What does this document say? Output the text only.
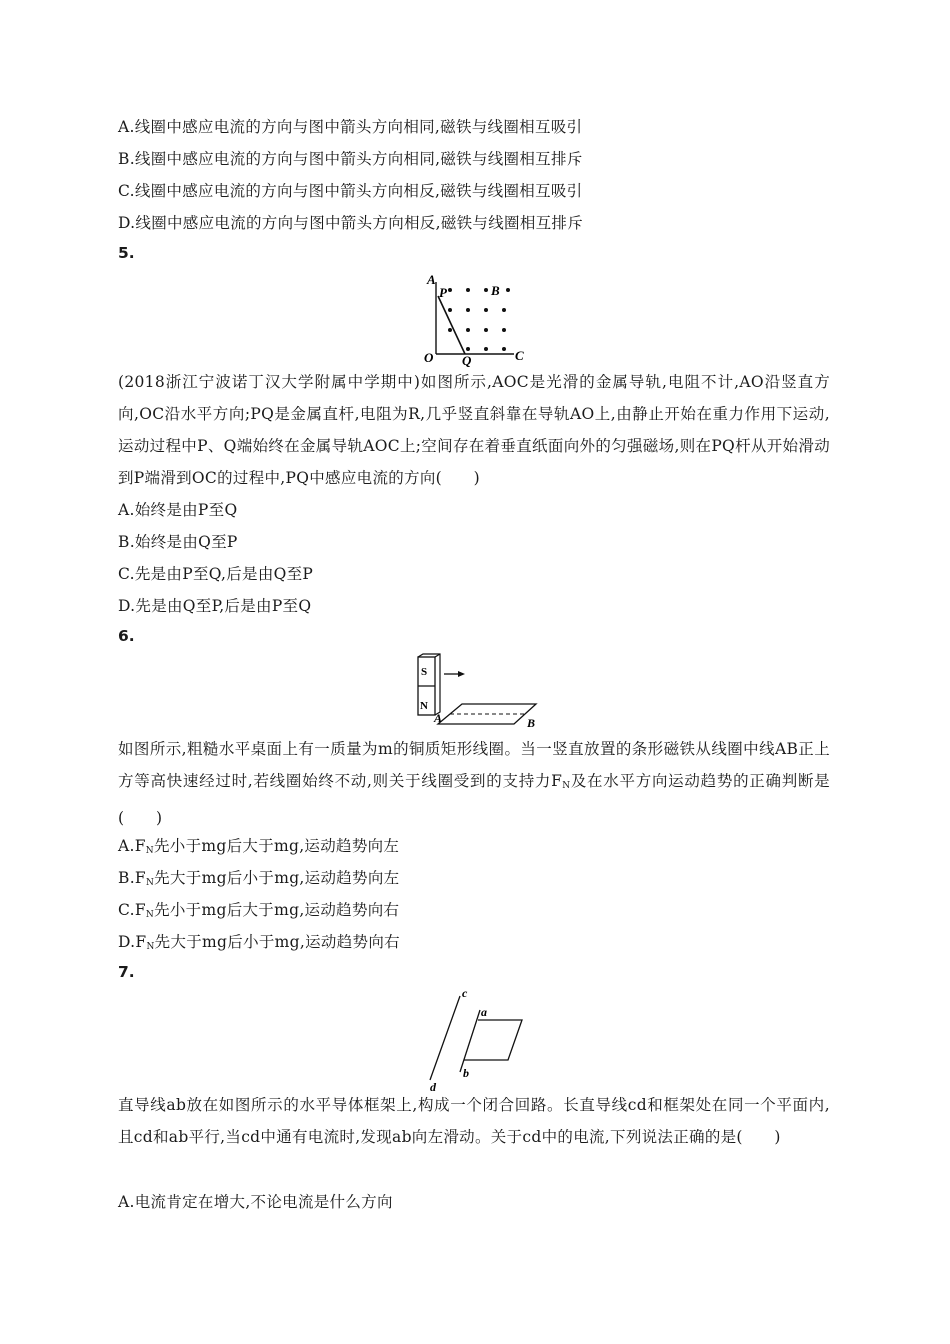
A.线圈中感应电流的方向与图中箭头方向相同,磁铁与线圈相互吸引
B.线圈中感应电流的方向与图中箭头方向相同,磁铁与线圈相互排斥
C.线圈中感应电流的方向与图中箭头方向相反,磁铁与线圈相互吸引
D.线圈中感应电流的方向与图中箭头方向相反,磁铁与线圈相互排斥
5.
A
P	B
O Q	C
(2018浙江宁波诺丁汉大学附属中学期中)如图所示,AOC是光滑的金属导轨,电阻不计,AO沿竖直方向,OC沿水平方向;PQ是金属直杆,电阻为R,几乎竖直斜靠在导轨AO上,由静止开始在重力作用下运动,运动过程中P、Q端始终在金属导轨AOC上;空间存在着垂直纸面向外的匀强磁场,则在PQ杆从开始滑动到P端滑到OC的过程中,PQ中感应电流的方向(　　)
A.始终是由P至Q
B.始终是由Q至P
C.先是由P至Q,后是由Q至P
D.先是由Q至P,后是由P至Q
6.
S
N
A	B
如图所示,粗糙水平桌面上有一质量为m的铜质矩形线圈。当一竖直放置的条形磁铁从线圈中线AB正上方等高快速经过时,若线圈始终不动,则关于线圈受到的支持力$F_N$及在水平方向运动趋势的正确判断是(　　)
$A.F_N$先小于mg后大于mg,运动趋势向左
$B.F_N$先大于mg后小于mg,运动趋势向左
$C.F_N$先小于mg后大于mg,运动趋势向右
$D.F_N$先大于mg后小于mg,运动趋势向右
7.
c
d
a
b
直导线ab放在如图所示的水平导体框架上,构成一个闭合回路。长直导线cd和框架处在同一个平面内,且cd和ab平行,当cd中通有电流时,发现ab向左滑动。关于cd中的电流,下列说法正确的是(　　)
A.电流肯定在增大,不论电流是什么方向
